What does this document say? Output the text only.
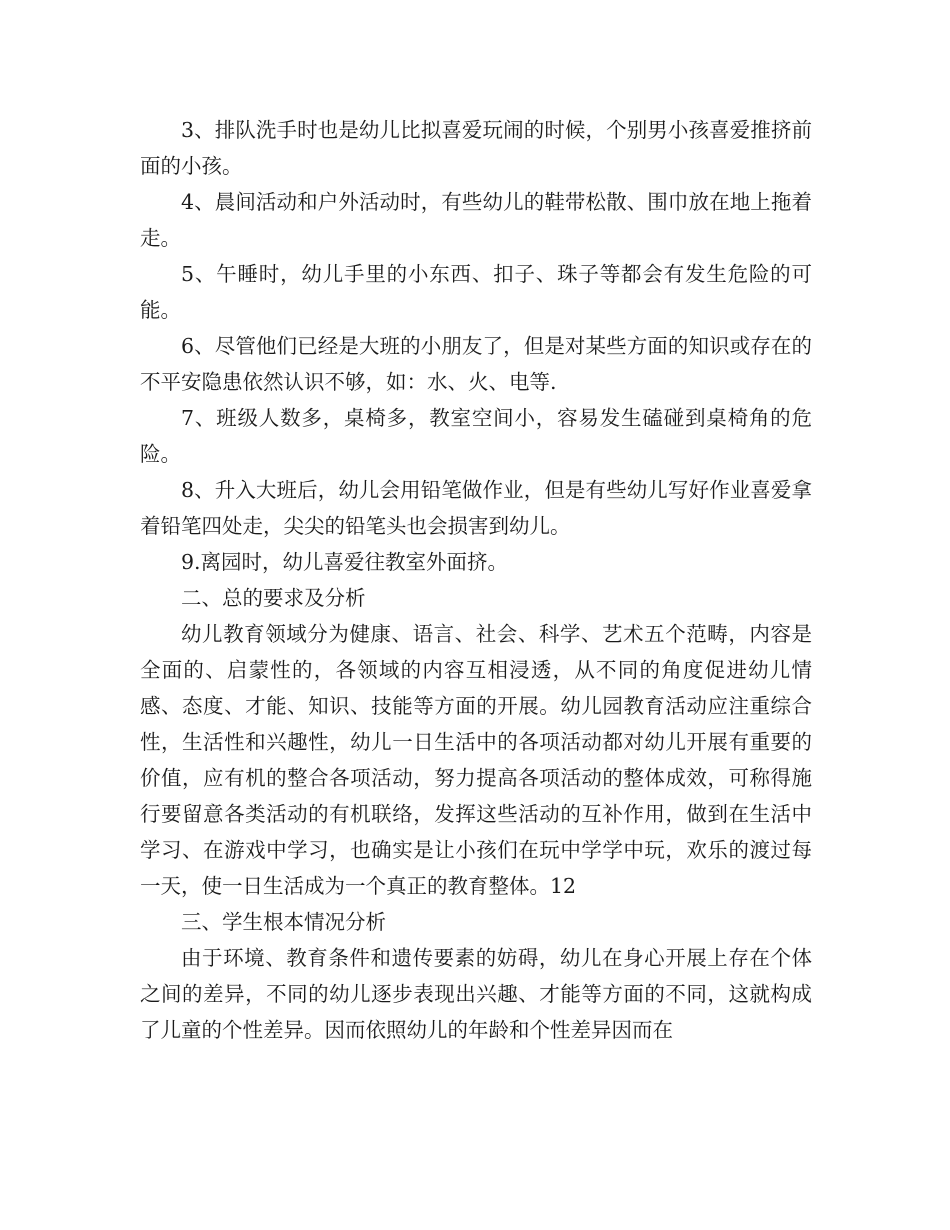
3、排队洗手时也是幼儿比拟喜爱玩闹的时候，个别男小孩喜爱推挤前面的小孩。

4、晨间活动和户外活动时，有些幼儿的鞋带松散、围巾放在地上拖着走。

5、午睡时，幼儿手里的小东西、扣子、珠子等都会有发生危险的可能。

6、尽管他们已经是大班的小朋友了，但是对某些方面的知识或存在的不平安隐患依然认识不够，如：水、火、电等.

7、班级人数多，桌椅多，教室空间小，容易发生磕碰到桌椅角的危险。

8、升入大班后，幼儿会用铅笔做作业，但是有些幼儿写好作业喜爱拿着铅笔四处走，尖尖的铅笔头也会损害到幼儿。

9.离园时，幼儿喜爱往教室外面挤。

二、总的要求及分析

幼儿教育领域分为健康、语言、社会、科学、艺术五个范畴，内容是全面的、启蒙性的，各领域的内容互相浸透，从不同的角度促进幼儿情感、态度、才能、知识、技能等方面的开展。幼儿园教育活动应注重综合性，生活性和兴趣性，幼儿一日生活中的各项活动都对幼儿开展有重要的价值，应有机的整合各项活动，努力提高各项活动的整体成效，可称得施行要留意各类活动的有机联络，发挥这些活动的互补作用，做到在生活中学习、在游戏中学习，也确实是让小孩们在玩中学学中玩，欢乐的渡过每一天，使一日生活成为一个真正的教育整体。12

三、学生根本情况分析

由于环境、教育条件和遗传要素的妨碍，幼儿在身心开展上存在个体之间的差异，不同的幼儿逐步表现出兴趣、才能等方面的不同，这就构成了儿童的个性差异。因而依照幼儿的年龄和个性差异因而在
